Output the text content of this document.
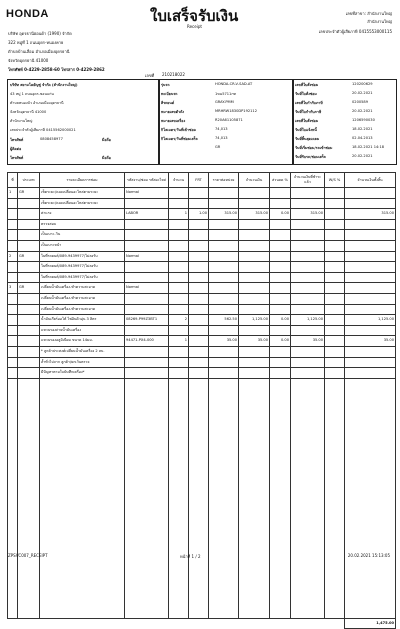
HONDA	ใบเสร็จรับเงิน
Receipt
เลขที่สาขา: สำนักงานใหญ่
สำนักงานใหญ่
เลขประจำตัวผู้เสียภาษี 0415553000115
บริษัท อุดรธานีฮอนด้า (1990) จำกัด
322 หมู่ที่ 1 ถนนอุดร-หนองคาย
ตำบลบ้านเลื่อม อำเภอเมืองอุดรธานี
จังหวัดอุดรธานี 41000
โทรศัพท์ 0-4229-2858-60 โทรสาร 0-4229-2862
เลขที่ 210218022
บริษัท สยามโคยัญชู่ จำกัด (สำนักงานใหญ่)
43 หมู่ 1 ถนนอุดร-ขอนแก่น
ตำบลหนองบัว อำเภอเมืองอุดรธานี
จังหวัดอุดรธานี 41000
สำนักงานใหญ่
เลขประจำตัวผู้เสียภาษี 0415562000021
โทรศัพท์	0808458977	มือถือ
ผู้ติดต่อ
โทรศัพท์	มือถือ
รุ่นรถ	HONDA-CR-V-SAD-AT
ทะเบียนรถ	1ขฉ5711กท
สีรถยนต์	GRAY-PMM
หมายเลขตัวถัง	MRHRW1830DP192112
หมายเลขเครื่อง	R20A61105871
กิโลเมตร/วันที่เข้าซ่อม	74,013
กิโลเมตร/วันที่ซ่อมเสร็จ	74,013
GR
เลขที่ใบสั่งซ่อม	120200629
วันที่ใบสั่งซ่อม	20.02.2021
เลขที่ใบกำกับภาษี	0200589
วันที่ใบกำกับภาษี	20.02.2021
เลขที่ใบสั่งซ่อม	1206590030
วันที่ใบแจ้งหนี้	18.02.2021
วันที่สิ้นสุดเคลม	02.04.2013
วันที่เริ่มซ่อม/รถเข้าซ่อม	18.02.2021 14:18
วันที่รับรถ/ซ่อมเสร็จ	20.02.2021
ที่	ประเภท	รายละเอียดการซ่อม	รหัสงาน/ซ่อม รหัสอะไหล่	จำนวน	FRT	ราคาต่อหน่วย	จำนวนเงิน	ส่วนลด %	จำนวนเงินที่ชำระแล้ว	W/S %	จำนวนเงินทั้งสิ้น
1	GR	เช็คระยะ/ถอดเปลี่ยนอะไหล่ตามระยะ	Normal								
		เช็คระยะ/ถอดเปลี่ยนอะไหล่ตามระยะ									
		ค่าแรง	LABOR	1	1.00	315.00	315.00	0.00	315.00		315.00
		ตรวจสอบ									
		เป็นเบาะ-วิน									
		เป็นเบาะหน้า									
2	GR	ในที่รถยนต์/089-9439977/ไม่ลงรับ	Normal								
		ในที่รถยนต์/089-9439977/ไม่ลงรับ									
		ในที่รถยนต์/089-9439977/ไม่ลงรับ									
3	GR	เปลี่ยนน้ำมันเครื่อง-ทำความสะอาด	Normal								
		เปลี่ยนน้ำมันเครื่อง-ทำความสะอาด									
		เปลี่ยนน้ำมันเครื่อง-ทำความสะอาด									
		น้ำมันเกียร์ออโต้ ไฟอินดิวอุ่น 3 ลิตร	08269-P99Z3BT1	2		562.50	1,125.00	0.00	1,125.00		1,125.00
		แหวนรองถ่ายน้ำมันเครื่อง									
		แหวนรองอลูมิเนียม ขนาด 14มม.	94471-PX4-000	1		35.00	35.00	0.00	35.00		35.00
		* ลูกค้าประสงค์เปลี่ยนน้ำมันเครื่อง 2 ลบ.									
		ล้ำทั่วไปจาก ลูกค้า/ยกเว้นตรวจ									
		มีปัญหาตามใบบันทึกเครื่อง*									

											1,475.00
ZPSVC007_RECEIPT	หน้าที่ 1 / 2	20.02.2021 15:13:05
